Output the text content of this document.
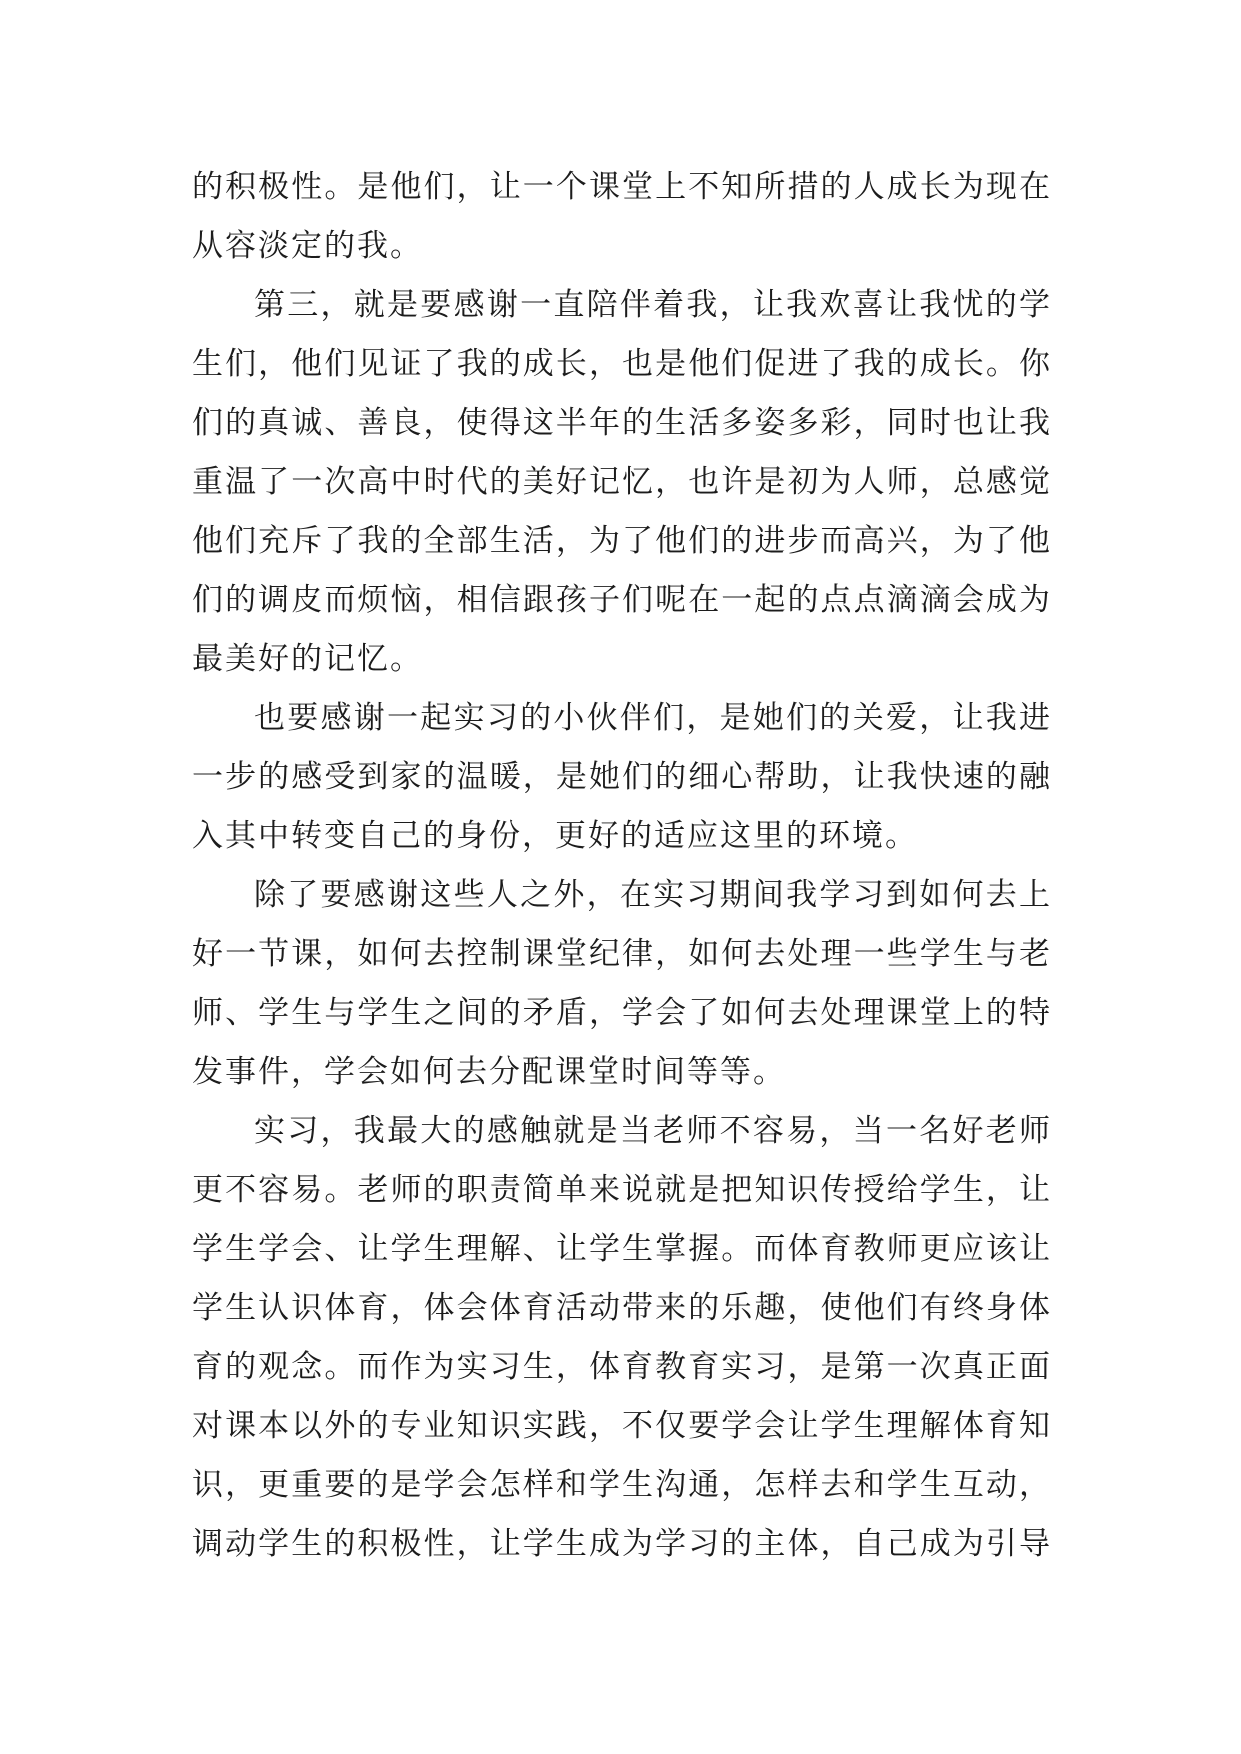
的积极性。是他们，让一个课堂上不知所措的人成长为现在
从容淡定的我。
第三，就是要感谢一直陪伴着我，让我欢喜让我忧的学
生们，他们见证了我的成长，也是他们促进了我的成长。你
们的真诚、善良，使得这半年的生活多姿多彩，同时也让我
重温了一次高中时代的美好记忆，也许是初为人师，总感觉
他们充斥了我的全部生活，为了他们的进步而高兴，为了他
们的调皮而烦恼，相信跟孩子们呢在一起的点点滴滴会成为
最美好的记忆。
也要感谢一起实习的小伙伴们，是她们的关爱，让我进
一步的感受到家的温暖，是她们的细心帮助，让我快速的融
入其中转变自己的身份，更好的适应这里的环境。
除了要感谢这些人之外，在实习期间我学习到如何去上
好一节课，如何去控制课堂纪律，如何去处理一些学生与老
师、学生与学生之间的矛盾，学会了如何去处理课堂上的特
发事件，学会如何去分配课堂时间等等。
实习，我最大的感触就是当老师不容易，当一名好老师
更不容易。老师的职责简单来说就是把知识传授给学生，让
学生学会、让学生理解、让学生掌握。而体育教师更应该让
学生认识体育，体会体育活动带来的乐趣，使他们有终身体
育的观念。而作为实习生，体育教育实习，是第一次真正面
对课本以外的专业知识实践，不仅要学会让学生理解体育知
识，更重要的是学会怎样和学生沟通，怎样去和学生互动，
调动学生的积极性，让学生成为学习的主体，自己成为引导
